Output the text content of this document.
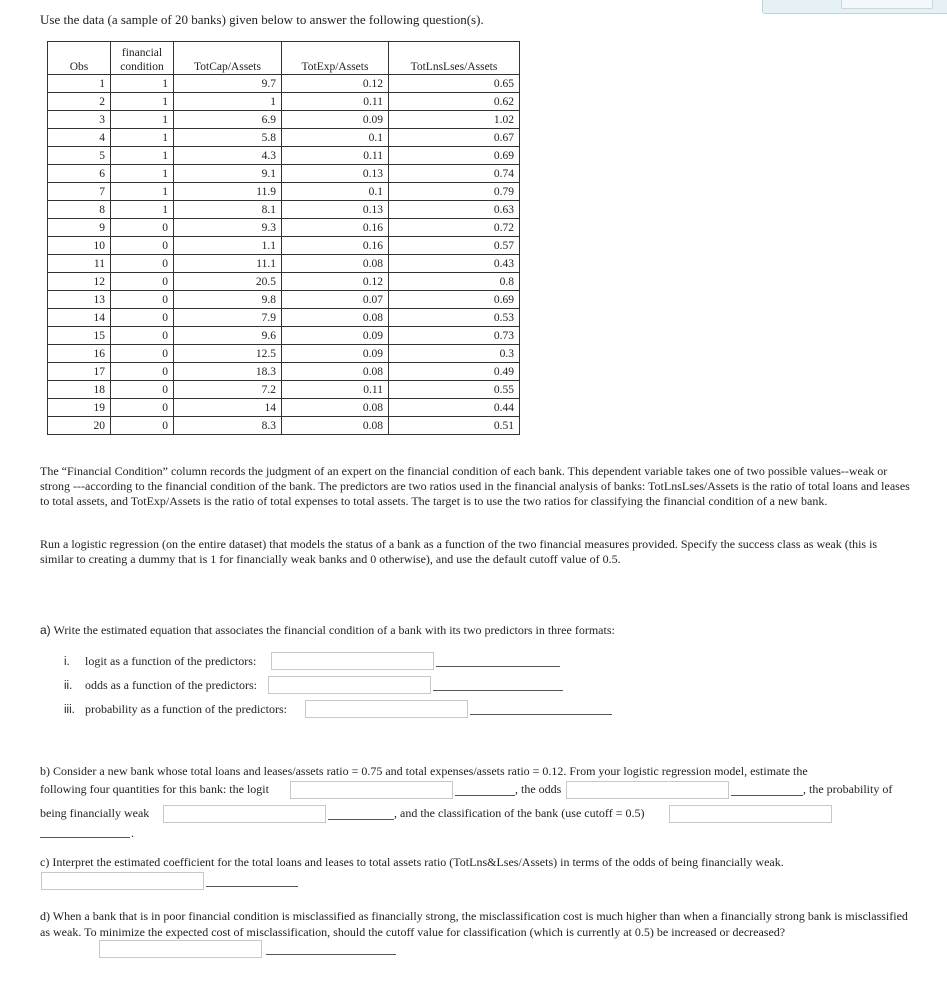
Use the data (a sample of 20 banks) given below to answer the following question(s).
Obs	financial
condition	TotCap/Assets	TotExp/Assets	TotLnsLses/Assets
1	1	9.7	0.12	0.65
2	1	1	0.11	0.62
3	1	6.9	0.09	1.02
4	1	5.8	0.1	0.67
5	1	4.3	0.11	0.69
6	1	9.1	0.13	0.74
7	1	11.9	0.1	0.79
8	1	8.1	0.13	0.63
9	0	9.3	0.16	0.72
10	0	1.1	0.16	0.57
11	0	11.1	0.08	0.43
12	0	20.5	0.12	0.8
13	0	9.8	0.07	0.69
14	0	7.9	0.08	0.53
15	0	9.6	0.09	0.73
16	0	12.5	0.09	0.3
17	0	18.3	0.08	0.49
18	0	7.2	0.11	0.55
19	0	14	0.08	0.44
20	0	8.3	0.08	0.51
The “Financial Condition” column records the judgment of an expert on the financial condition of each bank. This dependent variable takes one of two possible values--weak or strong ---according to the financial condition of the bank. The predictors are two ratios used in the financial analysis of banks: TotLnsLses/Assets is the ratio of total loans and leases to total assets, and TotExp/Assets is the ratio of total expenses to total assets. The target is to use the two ratios for classifying the financial condition of a new bank.
Run a logistic regression (on the entire dataset) that models the status of a bank as a function of the two financial measures provided. Specify the success class as weak (this is similar to creating a dummy that is 1 for financially weak banks and 0 otherwise), and use the default cutoff value of 0.5.
a) Write the estimated equation that associates the financial condition of a bank with its two predictors in three formats:
i. logit as a function of the predictors:
ii. odds as a function of the predictors:
iii. probability as a function of the predictors:
b) Consider a new bank whose total loans and leases/assets ratio = 0.75 and total expenses/assets ratio = 0.12. From your logistic regression model, estimate the
following four quantities for this bank: the logit	, the odds	, the probability of
being financially weak	, and the classification of the bank (use cutoff = 0.5)
.
c) Interpret the estimated coefficient for the total loans and leases to total assets ratio (TotLns&Lses/Assets) in terms of the odds of being financially weak.
d) When a bank that is in poor financial condition is misclassified as financially strong, the misclassification cost is much higher than when a financially strong bank is misclassified as weak. To minimize the expected cost of misclassification, should the cutoff value for classification (which is currently at 0.5) be increased or decreased?
